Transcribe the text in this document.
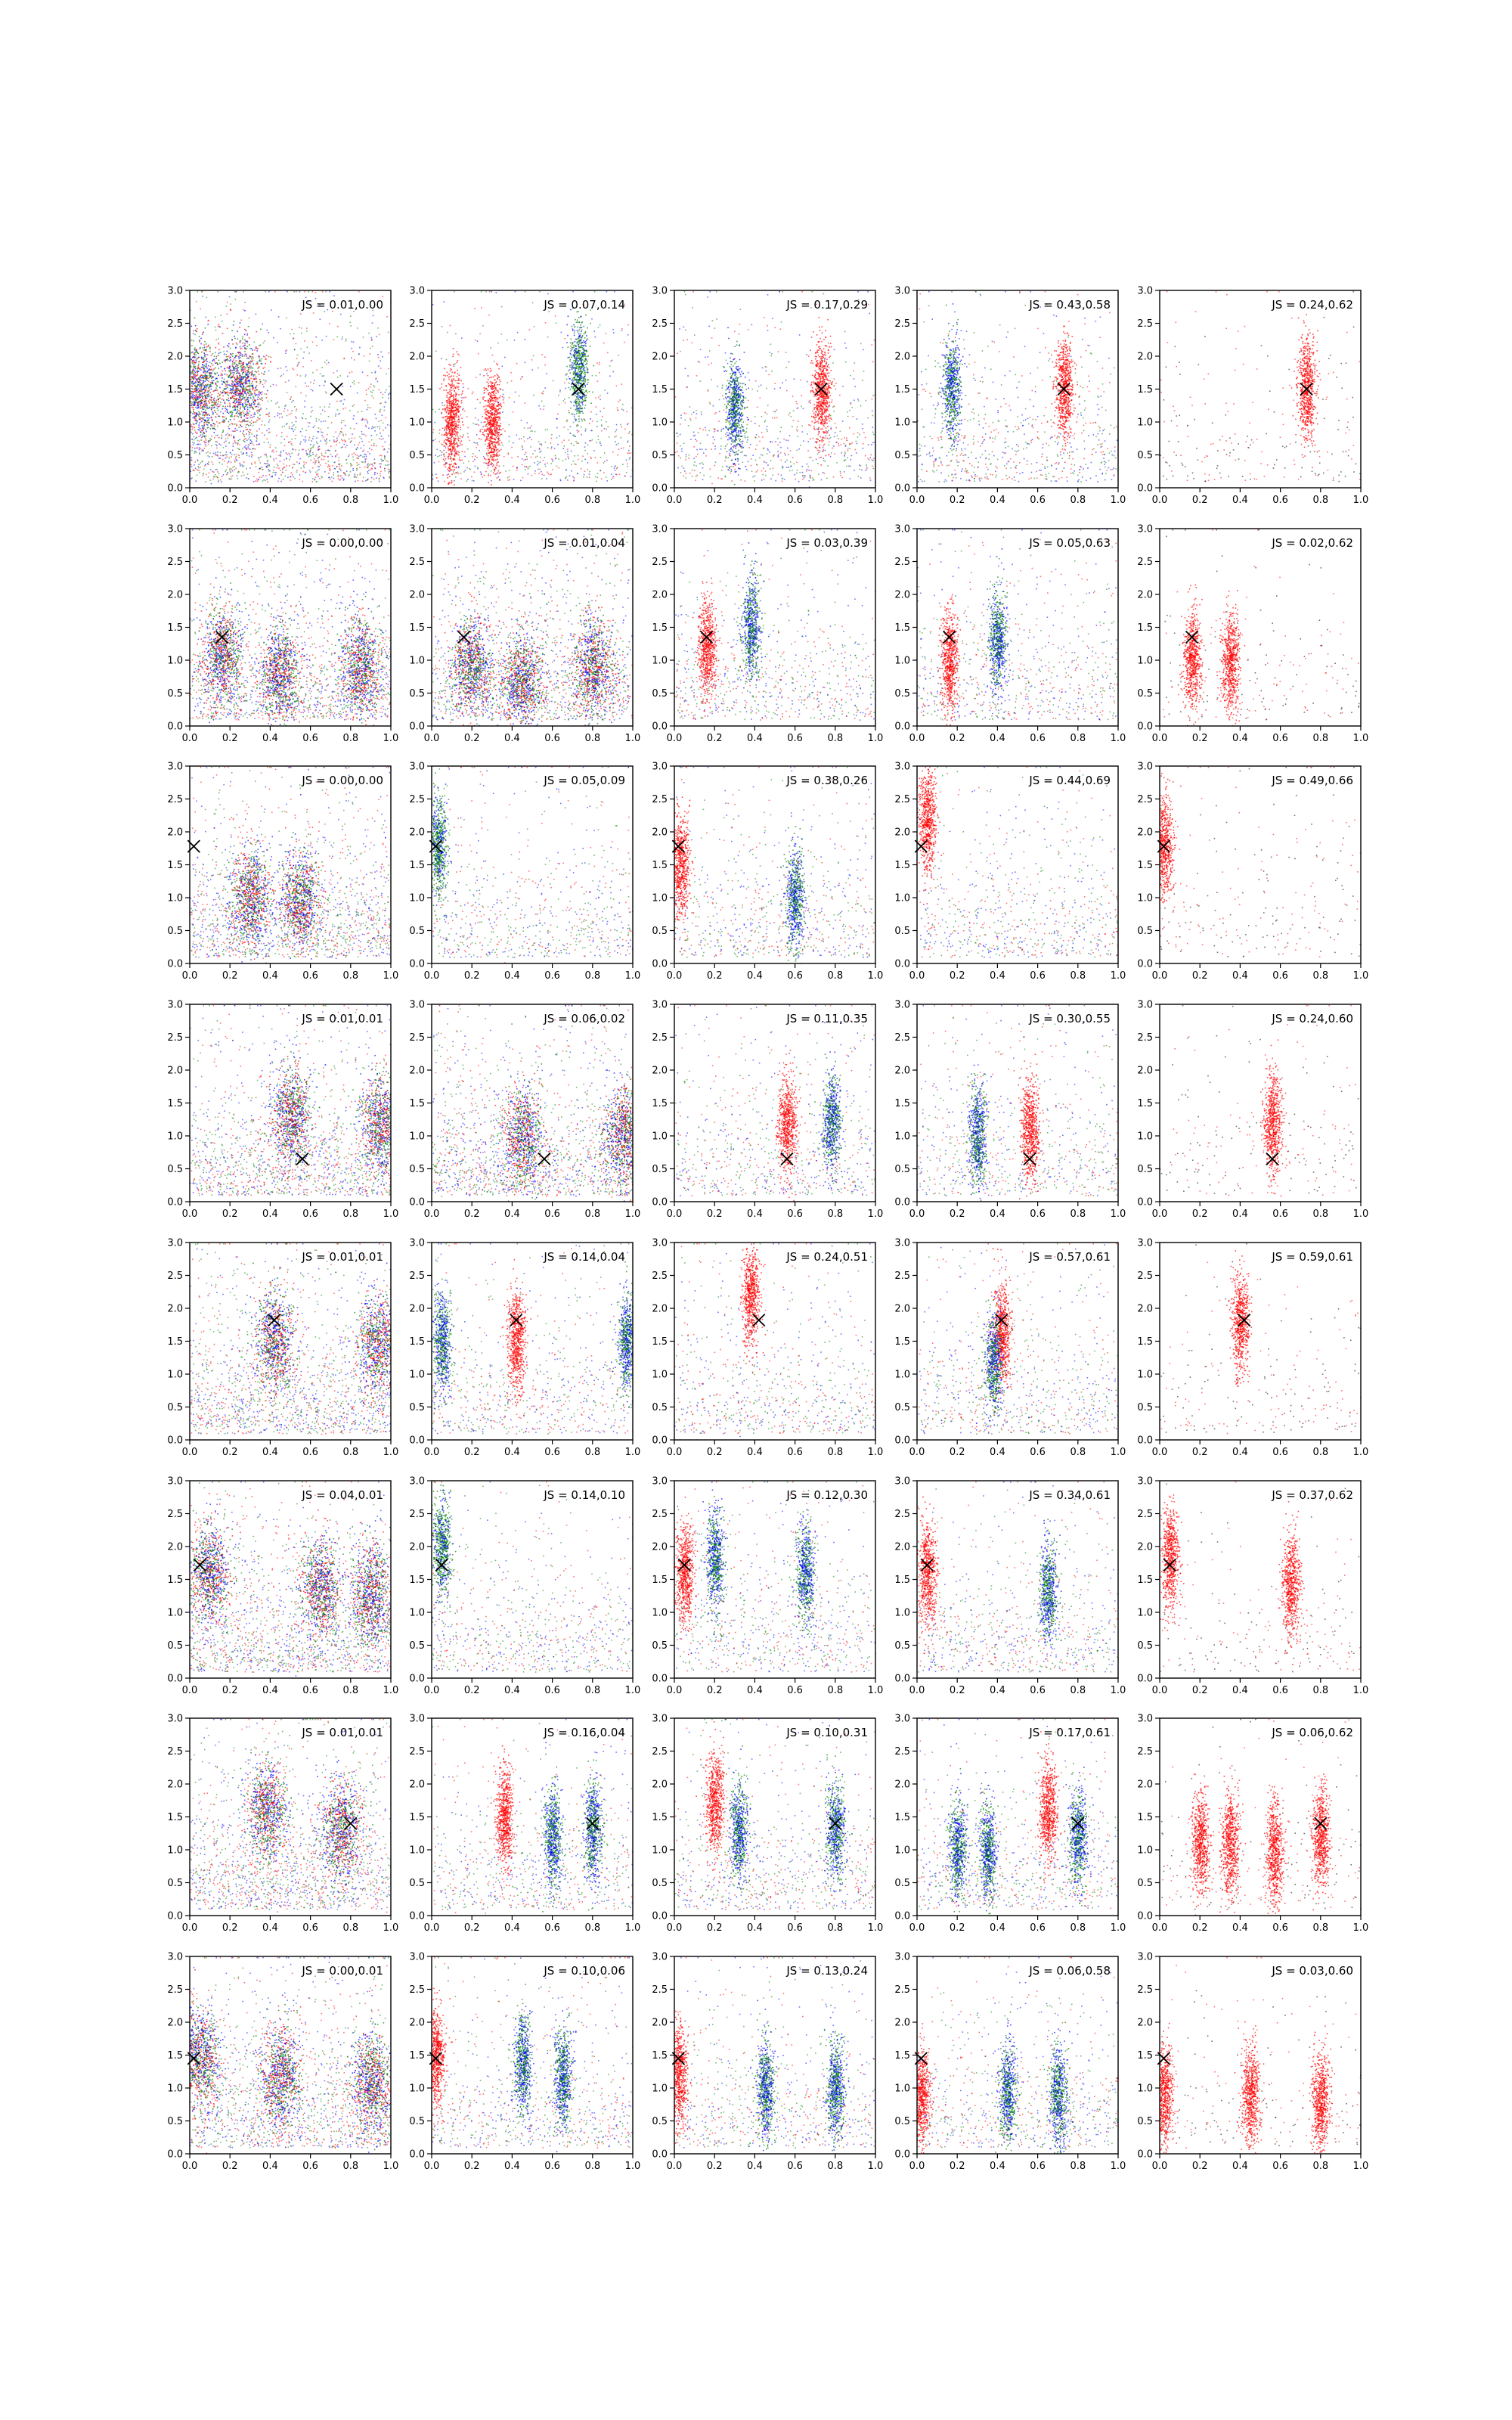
0.0	0.2	0.4	0.6	0.8	1.0
0.0
0.5
1.0
1.5
2.0
2.5
3.0
JS = 0.01,0.00
0.0	0.2	0.4	0.6	0.8	1.0
0.0
0.5
1.0
1.5
2.0
2.5
3.0
JS = 0.07,0.14
0.0	0.2	0.4	0.6	0.8	1.0
0.0
0.5
1.0
1.5
2.0
2.5
3.0
JS = 0.17,0.29
0.0	0.2	0.4	0.6	0.8	1.0
0.0
0.5
1.0
1.5
2.0
2.5
3.0
JS = 0.43,0.58
0.0	0.2	0.4	0.6	0.8	1.0
0.0
0.5
1.0
1.5
2.0
2.5
3.0
JS = 0.24,0.62
0.0	0.2	0.4	0.6	0.8	1.0
0.0
0.5
1.0
1.5
2.0
2.5
3.0
JS = 0.00,0.00
0.0	0.2	0.4	0.6	0.8	1.0
0.0
0.5
1.0
1.5
2.0
2.5
3.0
JS = 0.01,0.04
0.0	0.2	0.4	0.6	0.8	1.0
0.0
0.5
1.0
1.5
2.0
2.5
3.0
JS = 0.03,0.39
0.0	0.2	0.4	0.6	0.8	1.0
0.0
0.5
1.0
1.5
2.0
2.5
3.0
JS = 0.05,0.63
0.0	0.2	0.4	0.6	0.8	1.0
0.0
0.5
1.0
1.5
2.0
2.5
3.0
JS = 0.02,0.62
0.0	0.2	0.4	0.6	0.8	1.0
0.0
0.5
1.0
1.5
2.0
2.5
3.0
JS = 0.00,0.00
0.0	0.2	0.4	0.6	0.8	1.0
0.0
0.5
1.0
1.5
2.0
2.5
3.0
JS = 0.05,0.09
0.0	0.2	0.4	0.6	0.8	1.0
0.0
0.5
1.0
1.5
2.0
2.5
3.0
JS = 0.38,0.26
0.0	0.2	0.4	0.6	0.8	1.0
0.0
0.5
1.0
1.5
2.0
2.5
3.0
JS = 0.44,0.69
0.0	0.2	0.4	0.6	0.8	1.0
0.0
0.5
1.0
1.5
2.0
2.5
3.0
JS = 0.49,0.66
0.0	0.2	0.4	0.6	0.8	1.0
0.0
0.5
1.0
1.5
2.0
2.5
3.0
JS = 0.01,0.01
0.0	0.2	0.4	0.6	0.8	1.0
0.0
0.5
1.0
1.5
2.0
2.5
3.0
JS = 0.06,0.02
0.0	0.2	0.4	0.6	0.8	1.0
0.0
0.5
1.0
1.5
2.0
2.5
3.0
JS = 0.11,0.35
0.0	0.2	0.4	0.6	0.8	1.0
0.0
0.5
1.0
1.5
2.0
2.5
3.0
JS = 0.30,0.55
0.0	0.2	0.4	0.6	0.8	1.0
0.0
0.5
1.0
1.5
2.0
2.5
3.0
JS = 0.24,0.60
0.0	0.2	0.4	0.6	0.8	1.0
0.0
0.5
1.0
1.5
2.0
2.5
3.0
JS = 0.01,0.01
0.0	0.2	0.4	0.6	0.8	1.0
0.0
0.5
1.0
1.5
2.0
2.5
3.0
JS = 0.14,0.04
0.0	0.2	0.4	0.6	0.8	1.0
0.0
0.5
1.0
1.5
2.0
2.5
3.0
JS = 0.24,0.51
0.0	0.2	0.4	0.6	0.8	1.0
0.0
0.5
1.0
1.5
2.0
2.5
3.0
JS = 0.57,0.61
0.0	0.2	0.4	0.6	0.8	1.0
0.0
0.5
1.0
1.5
2.0
2.5
3.0
JS = 0.59,0.61
0.0	0.2	0.4	0.6	0.8	1.0
0.0
0.5
1.0
1.5
2.0
2.5
3.0
JS = 0.04,0.01
0.0	0.2	0.4	0.6	0.8	1.0
0.0
0.5
1.0
1.5
2.0
2.5
3.0
JS = 0.14,0.10
0.0	0.2	0.4	0.6	0.8	1.0
0.0
0.5
1.0
1.5
2.0
2.5
3.0
JS = 0.12,0.30
0.0	0.2	0.4	0.6	0.8	1.0
0.0
0.5
1.0
1.5
2.0
2.5
3.0
JS = 0.34,0.61
0.0	0.2	0.4	0.6	0.8	1.0
0.0
0.5
1.0
1.5
2.0
2.5
3.0
JS = 0.37,0.62
0.0	0.2	0.4	0.6	0.8	1.0
0.0
0.5
1.0
1.5
2.0
2.5
3.0
JS = 0.01,0.01
0.0	0.2	0.4	0.6	0.8	1.0
0.0
0.5
1.0
1.5
2.0
2.5
3.0
JS = 0.16,0.04
0.0	0.2	0.4	0.6	0.8	1.0
0.0
0.5
1.0
1.5
2.0
2.5
3.0
JS = 0.10,0.31
0.0	0.2	0.4	0.6	0.8	1.0
0.0
0.5
1.0
1.5
2.0
2.5
3.0
JS = 0.17,0.61
0.0	0.2	0.4	0.6	0.8	1.0
0.0
0.5
1.0
1.5
2.0
2.5
3.0
JS = 0.06,0.62
0.0	0.2	0.4	0.6	0.8	1.0
0.0
0.5
1.0
1.5
2.0
2.5
3.0
JS = 0.00,0.01
0.0	0.2	0.4	0.6	0.8	1.0
0.0
0.5
1.0
1.5
2.0
2.5
3.0
JS = 0.10,0.06
0.0	0.2	0.4	0.6	0.8	1.0
0.0
0.5
1.0
1.5
2.0
2.5
3.0
JS = 0.13,0.24
0.0	0.2	0.4	0.6	0.8	1.0
0.0
0.5
1.0
1.5
2.0
2.5
3.0
JS = 0.06,0.58
0.0	0.2	0.4	0.6	0.8	1.0
0.0
0.5
1.0
1.5
2.0
2.5
3.0
JS = 0.03,0.60
